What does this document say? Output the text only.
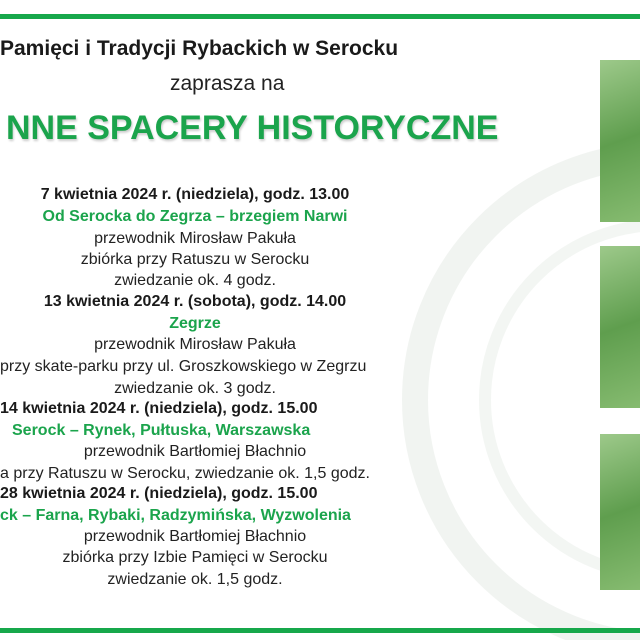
Pamięci i Tradycji Rybackich w Serocku
zaprasza na
NNE SPACERY HISTORYCZNE
7 kwietnia 2024 r. (niedziela), godz. 13.00
Od Serocka do Zegrza – brzegiem Narwi
przewodnik Mirosław Pakuła
zbiórka przy Ratuszu w Serocku
zwiedzanie ok. 4 godz.
13 kwietnia 2024 r. (sobota), godz. 14.00
Zegrze
przewodnik Mirosław Pakuła
przy skate-parku przy ul. Groszkowskiego w Zegrzu
zwiedzanie ok. 3 godz.
14 kwietnia 2024 r. (niedziela), godz. 15.00
Serock – Rynek, Pułtuska, Warszawska
przewodnik Bartłomiej Błachnio
a przy Ratuszu w Serocku, zwiedzanie ok. 1,5 godz.
28 kwietnia 2024 r. (niedziela), godz. 15.00
ck – Farna, Rybaki, Radzymińska, Wyzwolenia
przewodnik Bartłomiej Błachnio
zbiórka przy Izbie Pamięci w Serocku
zwiedzanie ok. 1,5 godz.
